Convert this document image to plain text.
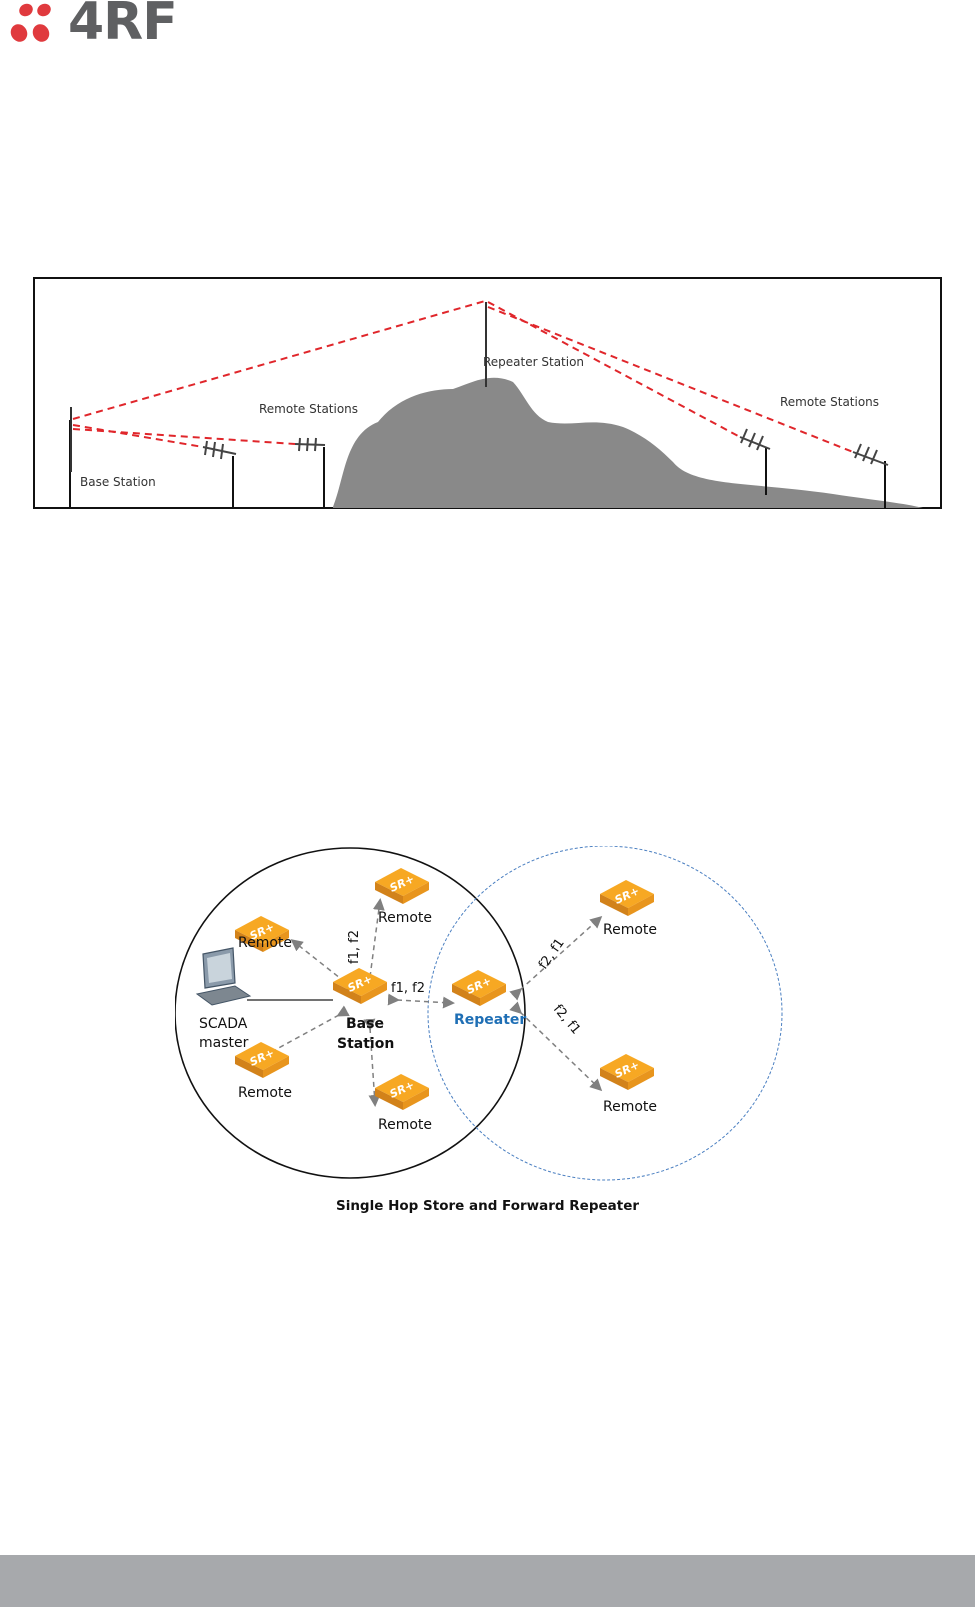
4RF
Base Station
Remote Stations
Repeater Station
Remote Stations
SR+
Remote
Remote
Remote
Remote
Remote
Remote
SCADA
master
Base
Station
Repeater
f1, f2
f1, f2
f2, f1
f2, f1
Single Hop Store and Forward Repeater
